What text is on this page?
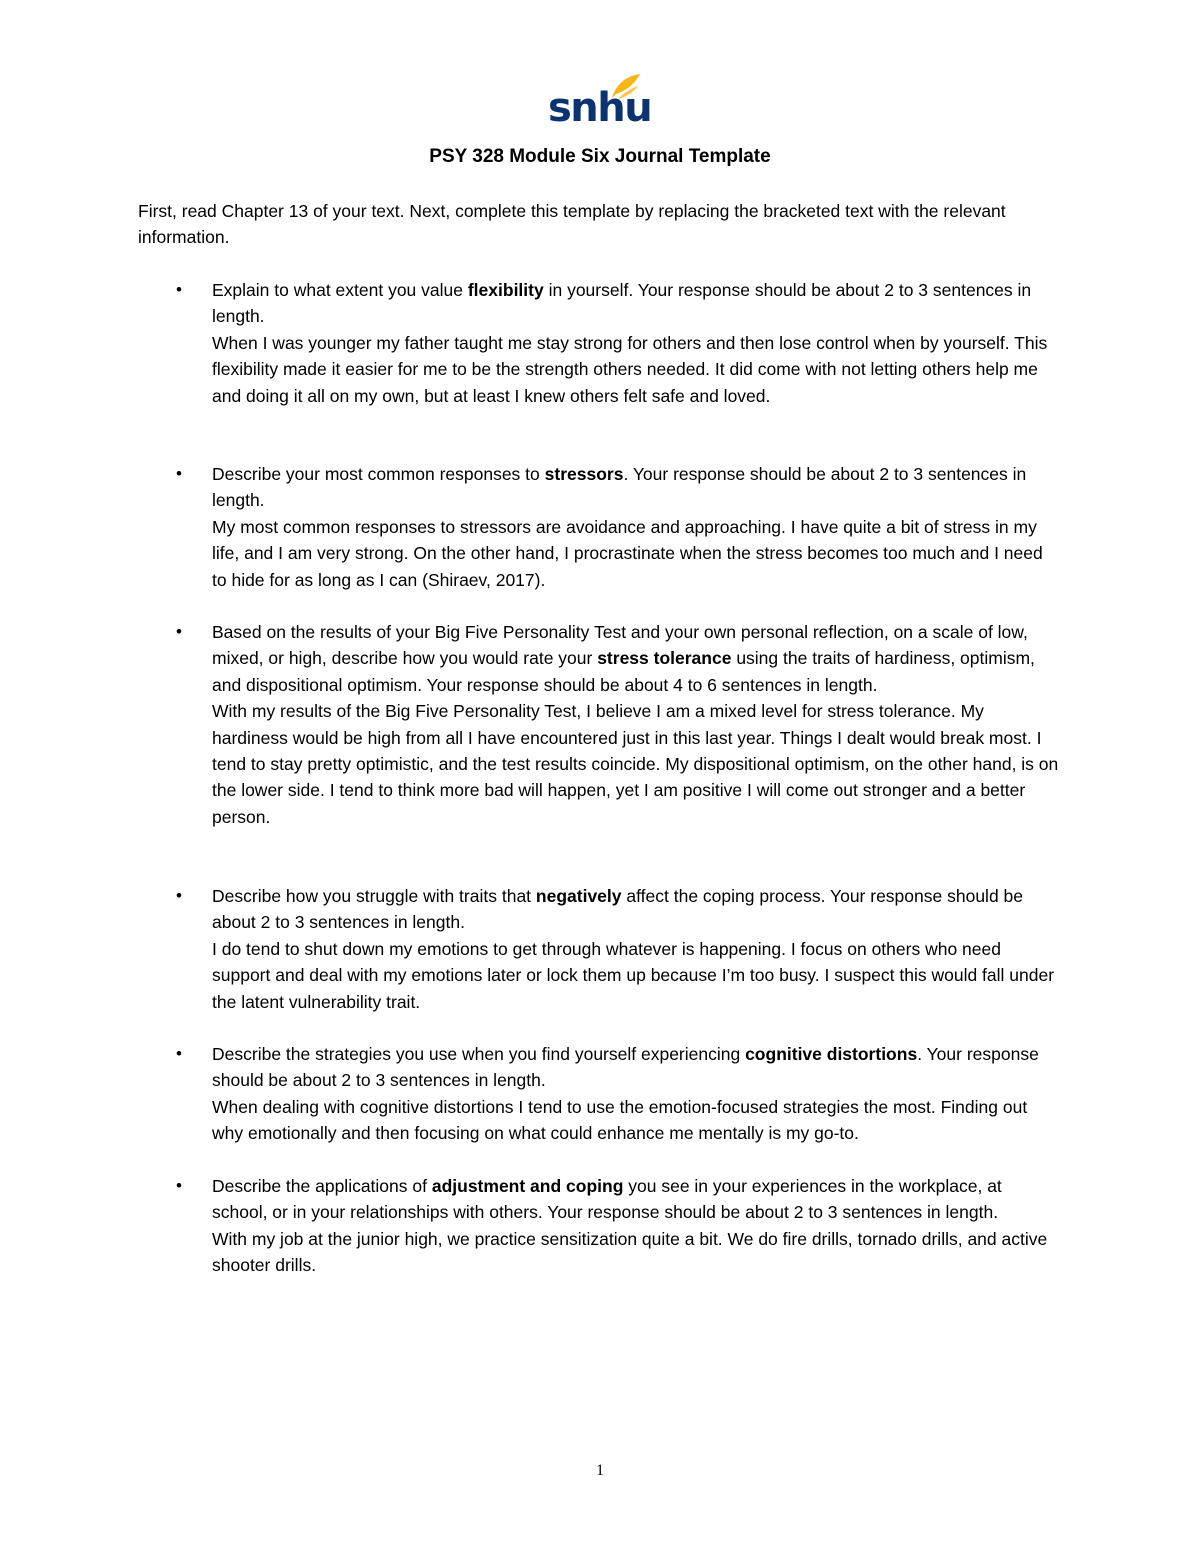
snhu
PSY 328 Module Six Journal Template
First, read Chapter 13 of your text. Next, complete this template by replacing the bracketed text with the relevant information.
• Explain to what extent you value flexibility in yourself. Your response should be about 2 to 3 sentences in length.
When I was younger my father taught me stay strong for others and then lose control when by yourself. This flexibility made it easier for me to be the strength others needed. It did come with not letting others help me and doing it all on my own, but at least I knew others felt safe and loved.
• Describe your most common responses to stressors. Your response should be about 2 to 3 sentences in length.
My most common responses to stressors are avoidance and approaching. I have quite a bit of stress in my life, and I am very strong. On the other hand, I procrastinate when the stress becomes too much and I need to hide for as long as I can (Shiraev, 2017).
• Based on the results of your Big Five Personality Test and your own personal reflection, on a scale of low, mixed, or high, describe how you would rate your stress tolerance using the traits of hardiness, optimism, and dispositional optimism. Your response should be about 4 to 6 sentences in length.
With my results of the Big Five Personality Test, I believe I am a mixed level for stress tolerance. My hardiness would be high from all I have encountered just in this last year. Things I dealt would break most. I tend to stay pretty optimistic, and the test results coincide. My dispositional optimism, on the other hand, is on the lower side. I tend to think more bad will happen, yet I am positive I will come out stronger and a better person.
• Describe how you struggle with traits that negatively affect the coping process. Your response should be about 2 to 3 sentences in length.
I do tend to shut down my emotions to get through whatever is happening. I focus on others who need support and deal with my emotions later or lock them up because I’m too busy. I suspect this would fall under the latent vulnerability trait.
• Describe the strategies you use when you find yourself experiencing cognitive distortions. Your response should be about 2 to 3 sentences in length.
When dealing with cognitive distortions I tend to use the emotion-focused strategies the most. Finding out why emotionally and then focusing on what could enhance me mentally is my go-to.
• Describe the applications of adjustment and coping you see in your experiences in the workplace, at school, or in your relationships with others. Your response should be about 2 to 3 sentences in length.
With my job at the junior high, we practice sensitization quite a bit. We do fire drills, tornado drills, and active shooter drills.
1
